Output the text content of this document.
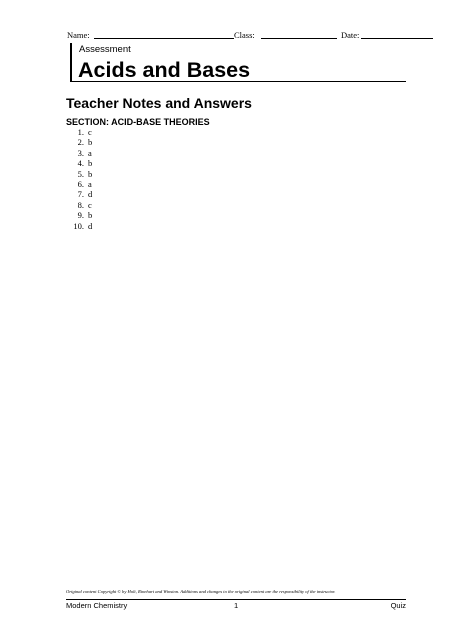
Name:	Class:	Date:
Assessment
Acids and Bases
Teacher Notes and Answers
SECTION: ACID-BASE THEORIES
1. c
2. b
3. a
4. b
5. b
6. a
7. d
8. c
9. b
10. d
Original content Copyright © by Holt, Rinehart and Winston. Additions and changes to the original content are the responsibility of the instructor.
Modern Chemistry	1	Quiz
